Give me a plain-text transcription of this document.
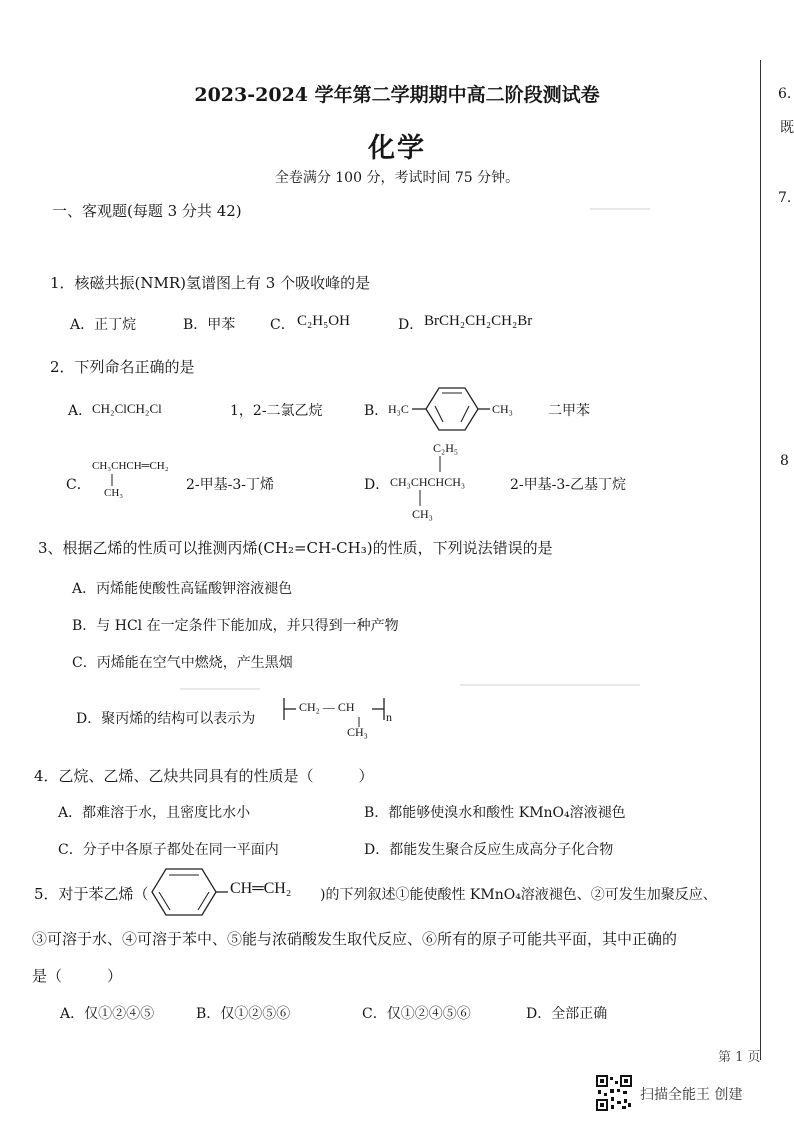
2023-2024 学年第二学期期中高二阶段测试卷
化学
全卷满分 100 分，考试时间 75 分钟。
一、客观题(每题 3 分共 42)
1．核磁共振(NMR)氢谱图上有 3 个吸收峰的是
A．正丁烷	B．甲苯 C． C₂H₅OH	D． BrCH₂CH₂CH₂Br
2．下列命名正确的是
A． CH₂ClCH₂Cl	1，2-二氯乙烷	B． H₃C	CH₃	二甲苯
C．
CH₃CHCH═CH₂
CH₃	2-甲基-3-丁烯	D．
C₂H₅
CH₃CHCHCH₃
CH₃
2-甲基-3-乙基丁烷
3、根据乙烯的性质可以推测丙烯(CH₂=CH-CH₃)的性质，下列说法错误的是
A．丙烯能使酸性高锰酸钾溶液褪色
B．与 HCl 在一定条件下能加成，并只得到一种产物
C．丙烯能在空气中燃烧，产生黑烟
D．聚丙烯的结构可以表示为
CH₂ — CH
CH₃
n
4．乙烷、乙烯、乙炔共同具有的性质是（　　　）
A．都难溶于水，且密度比水小	B．都能够使溴水和酸性 KMnO₄溶液褪色
C．分子中各原子都处在同一平面内	D．都能发生聚合反应生成高分子化合物
5．对于苯乙烯（	CH═CH₂ )的下列叙述①能使酸性 KMnO₄溶液褪色、②可发生加聚反应、
③可溶于水、④可溶于苯中、⑤能与浓硝酸发生取代反应、⑥所有的原子可能共平面，其中正确的
是（　　　）
A．仅①②④⑤	B．仅①②⑤⑥	C．仅①②④⑤⑥	D．全部正确
6.
既
7.
8
第 1 页
扫描全能王 创建
